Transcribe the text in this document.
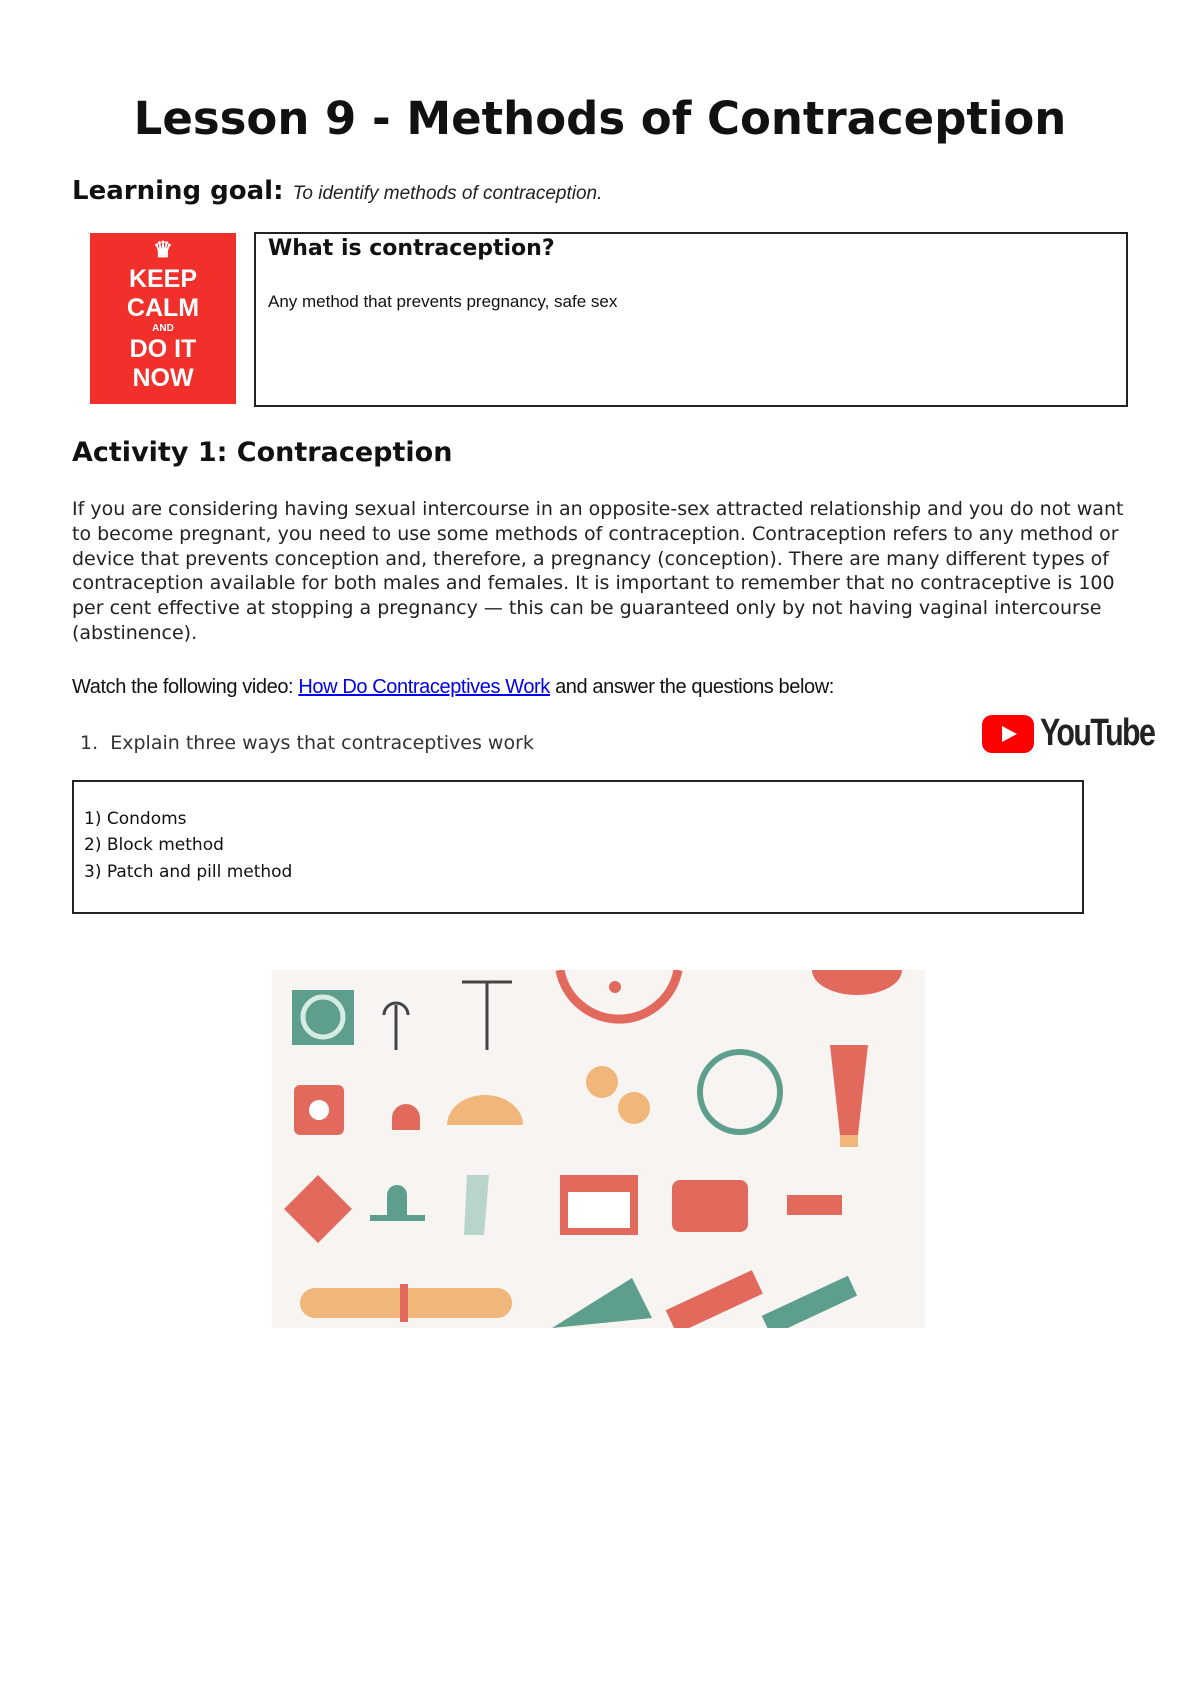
Lesson 9 - Methods of Contraception
Learning goal: To identify methods of contraception.
♛
KEEP
CALM
AND
DO IT
NOW
What is contraception?
Any method that prevents pregnancy, safe sex
Activity 1: Contraception
If you are considering having sexual intercourse in an opposite-sex attracted relationship and you do not want to become pregnant, you need to use some methods of contraception. Contraception refers to any method or device that prevents conception and, therefore, a pregnancy (conception). There are many different types of contraception available for both males and females. It is important to remember that no contraceptive is 100 per cent effective at stopping a pregnancy — this can be guaranteed only by not having vaginal intercourse (abstinence).
Watch the following video: How Do Contraceptives Work and answer the questions below:
1. Explain three ways that contraceptives work	YouTube
1) Condoms
2) Block method
3) Patch and pill method
